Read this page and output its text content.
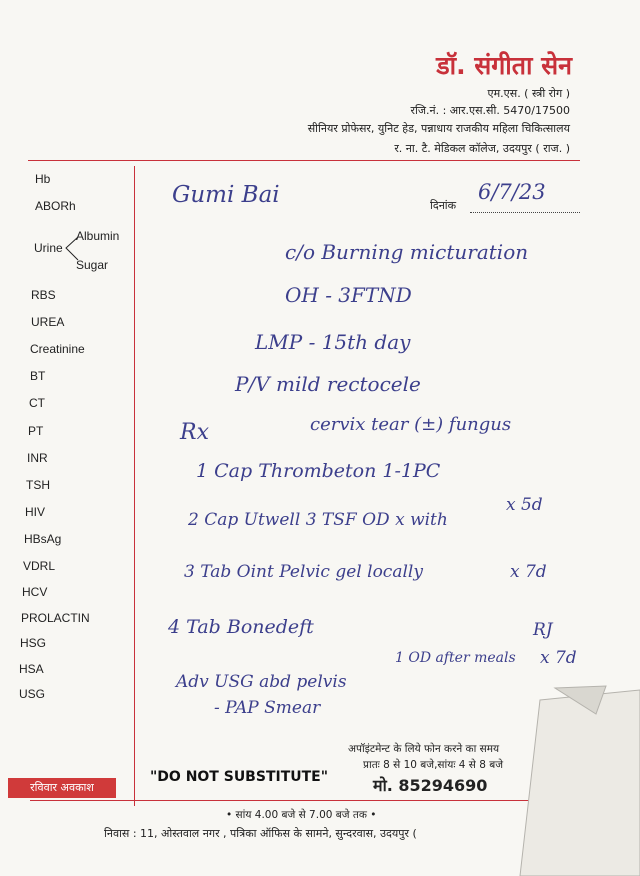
डॉ. संगीता सेन
एम.एस. ( स्त्री रोग )
रजि.नं. : आर.एस.सी. 5470/17500
सीनियर प्रोफेसर, युनिट हेड, पन्नाधाय राजकीय महिला चिकित्सालय
र. ना. टै. मेडिकल कॉलेज, उदयपुर ( राज. )
Hb
ABORh
Urine
Albumin
Sugar
RBS
UREA
Creatinine
BT
CT
PT
INR
TSH
HIV
HBsAg
VDRL
HCV
PROLACTIN
HSG
HSA
USG
दिनांक
Gumi Bai	6/7/23
c/o Burning micturation
OH - 3FTND
LMP - 15th day
P/V mild rectocele
cervix tear (±) fungus
Rx
1 Cap Thrombeton 1-1PC
x 5d
2 Cap Utwell 3 TSF OD x with
3 Tab Oint Pelvic gel locally	x 7d
4 Tab Bonedeft	RJ
1 OD after meals x 7d
Adv USG abd pelvis
- PAP Smear
अपॉइंटमेन्ट के लिये फोन करने का समय
प्रातः 8 से 10 बजे,सांयः 4 से 8 बजे
मो. 85294690
"DO NOT SUBSTITUTE"
रविवार अवकाश
• सांय 4.00 बजे से 7.00 बजे तक •
निवास : 11, ओस्तवाल नगर , पत्रिका ऑफिस के सामने, सुन्दरवास, उदयपुर (
